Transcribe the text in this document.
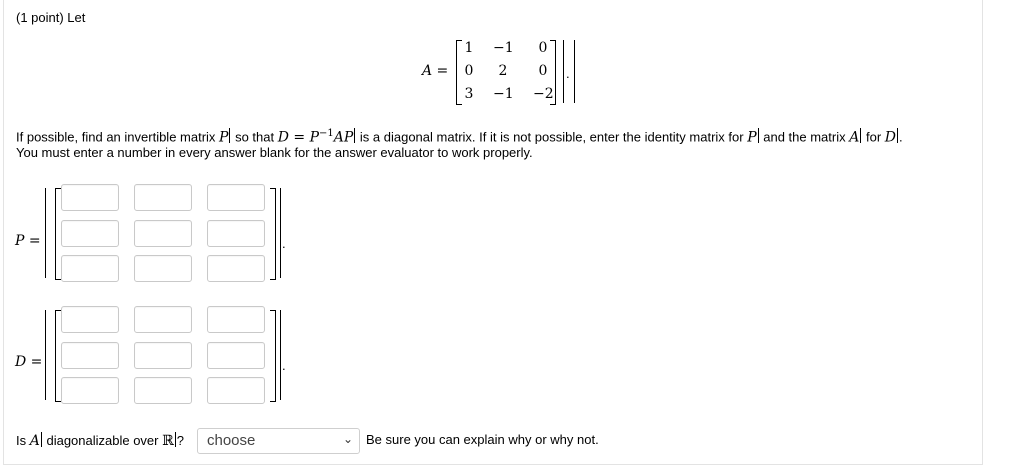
(1 point) Let
A =
1	−1	0
0	2	0
3	−1 −2
.
If possible, find an invertible matrix P so that $D = P^{-1}AP$ is a diagonal matrix. If it is not possible, enter the identity matrix for P and the matrix A for D .
You must enter a number in every answer blank for the answer evaluator to work properly.
P =	.
D =	.
Is A diagonalizable over ℝ ?	choose	⌄ Be sure you can explain why or why not.
